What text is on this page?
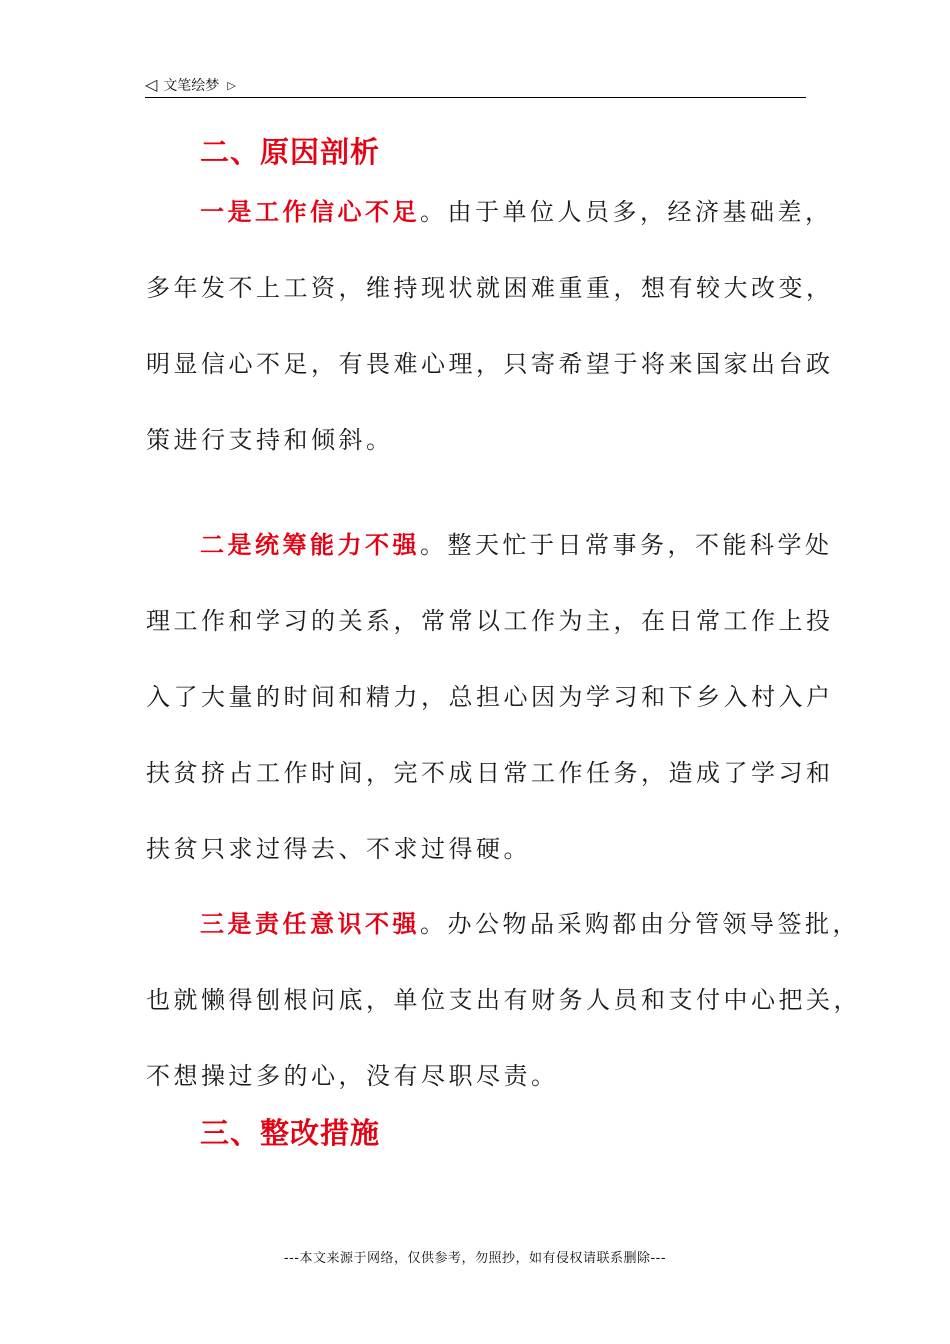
◁ 文笔绘梦 ▷
二、原因剖析
一是工作信心不足。由于单位人员多，经济基础差，
多年发不上工资，维持现状就困难重重，想有较大改变，
明显信心不足，有畏难心理，只寄希望于将来国家出台政
策进行支持和倾斜。
二是统筹能力不强。整天忙于日常事务，不能科学处
理工作和学习的关系，常常以工作为主，在日常工作上投
入了大量的时间和精力，总担心因为学习和下乡入村入户
扶贫挤占工作时间，完不成日常工作任务，造成了学习和
扶贫只求过得去、不求过得硬。
三是责任意识不强。办公物品采购都由分管领导签批，
也就懒得刨根问底，单位支出有财务人员和支付中心把关，
不想操过多的心，没有尽职尽责。
三、整改措施
---本文来源于网络，仅供参考，勿照抄，如有侵权请联系删除---
